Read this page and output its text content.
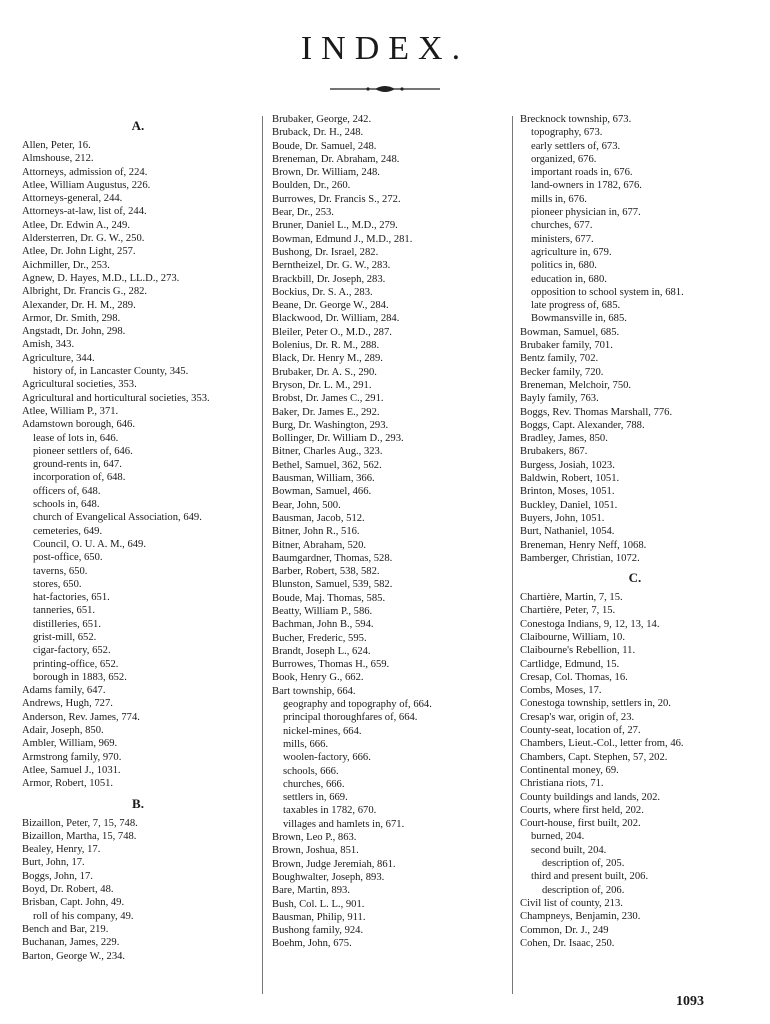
INDEX.
A.
Allen, Peter, 16.
Almshouse, 212.
Attorneys, admission of, 224.
Atlee, William Augustus, 226.
Attorneys-general, 244.
Attorneys-at-law, list of, 244.
Atlee, Dr. Edwin A., 249.
Aldersterren, Dr. G. W., 250.
Atlee, Dr. John Light, 257.
Aichmiller, Dr., 253.
Agnew, D. Hayes, M.D., LL.D., 273.
Albright, Dr. Francis G., 282.
Alexander, Dr. H. M., 289.
Armor, Dr. Smith, 298.
Angstadt, Dr. John, 298.
Amish, 343.
Agriculture, 344.
history of, in Lancaster County, 345.
Agricultural societies, 353.
Agricultural and horticultural societies, 353.
Atlee, William P., 371.
Adamstown borough, 646.
lease of lots in, 646.
pioneer settlers of, 646.
ground-rents in, 647.
incorporation of, 648.
officers of, 648.
schools in, 648.
church of Evangelical Association, 649.
cemeteries, 649.
Council, O. U. A. M., 649.
post-office, 650.
taverns, 650.
stores, 650.
hat-factories, 651.
tanneries, 651.
distilleries, 651.
grist-mill, 652.
cigar-factory, 652.
printing-office, 652.
borough in 1883, 652.
Adams family, 647.
Andrews, Hugh, 727.
Anderson, Rev. James, 774.
Adair, Joseph, 850.
Ambler, William, 969.
Armstrong family, 970.
Atlee, Samuel J., 1031.
Armor, Robert, 1051.
B.
Bizaillon, Peter, 7, 15, 748.
Bizaillon, Martha, 15, 748.
Bealey, Henry, 17.
Burt, John, 17.
Boggs, John, 17.
Boyd, Dr. Robert, 48.
Brisban, Capt. John, 49.
roll of his company, 49.
Bench and Bar, 219.
Buchanan, James, 229.
Barton, George W., 234.
Brubaker, George, 242.
Bruback, Dr. H., 248.
Boude, Dr. Samuel, 248.
Breneman, Dr. Abraham, 248.
Brown, Dr. William, 248.
Boulden, Dr., 260.
Burrowes, Dr. Francis S., 272.
Bear, Dr., 253.
Bruner, Daniel L., M.D., 279.
Bowman, Edmund J., M.D., 281.
Bushong, Dr. Israel, 282.
Berntheizel, Dr. G. W., 283.
Brackbill, Dr. Joseph, 283.
Bockius, Dr. S. A., 283.
Beane, Dr. George W., 284.
Blackwood, Dr. William, 284.
Bleiler, Peter O., M.D., 287.
Bolenius, Dr. R. M., 288.
Black, Dr. Henry M., 289.
Brubaker, Dr. A. S., 290.
Bryson, Dr. L. M., 291.
Brobst, Dr. James C., 291.
Baker, Dr. James E., 292.
Burg, Dr. Washington, 293.
Bollinger, Dr. William D., 293.
Bitner, Charles Aug., 323.
Bethel, Samuel, 362, 562.
Bausman, William, 366.
Bowman, Samuel, 466.
Bear, John, 500.
Bausman, Jacob, 512.
Bitner, John R., 516.
Bitner, Abraham, 520.
Baumgardner, Thomas, 528.
Barber, Robert, 538, 582.
Blunston, Samuel, 539, 582.
Boude, Maj. Thomas, 585.
Beatty, William P., 586.
Bachman, John B., 594.
Bucher, Frederic, 595.
Brandt, Joseph L., 624.
Burrowes, Thomas H., 659.
Book, Henry G., 662.
Bart township, 664.
geography and topography of, 664.
principal thoroughfares of, 664.
nickel-mines, 664.
mills, 666.
woolen-factory, 666.
schools, 666.
churches, 666.
settlers in, 669.
taxables in 1782, 670.
villages and hamlets in, 671.
Brown, Leo P., 863.
Brown, Joshua, 851.
Brown, Judge Jeremiah, 861.
Boughwalter, Joseph, 893.
Bare, Martin, 893.
Bush, Col. L. L., 901.
Bausman, Philip, 911.
Bushong family, 924.
Boehm, John, 675.
Brecknock township, 673.
topography, 673.
early settlers of, 673.
organized, 676.
important roads in, 676.
land-owners in 1782, 676.
mills in, 676.
pioneer physician in, 677.
churches, 677.
ministers, 677.
agriculture in, 679.
politics in, 680.
education in, 680.
opposition to school system in, 681.
late progress of, 685.
Bowmansville in, 685.
Bowman, Samuel, 685.
Brubaker family, 701.
Bentz family, 702.
Becker family, 720.
Breneman, Melchoir, 750.
Bayly family, 763.
Boggs, Rev. Thomas Marshall, 776.
Boggs, Capt. Alexander, 788.
Bradley, James, 850.
Brubakers, 867.
Burgess, Josiah, 1023.
Baldwin, Robert, 1051.
Brinton, Moses, 1051.
Buckley, Daniel, 1051.
Buyers, John, 1051.
Burt, Nathaniel, 1054.
Breneman, Henry Neff, 1068.
Bamberger, Christian, 1072.
C.
Chartière, Martin, 7, 15.
Chartière, Peter, 7, 15.
Conestoga Indians, 9, 12, 13, 14.
Claibourne, William, 10.
Claibourne's Rebellion, 11.
Cartlidge, Edmund, 15.
Cresap, Col. Thomas, 16.
Combs, Moses, 17.
Conestoga township, settlers in, 20.
Cresap's war, origin of, 23.
County-seat, location of, 27.
Chambers, Lieut.-Col., letter from, 46.
Chambers, Capt. Stephen, 57, 202.
Continental money, 69.
Christiana riots, 71.
County buildings and lands, 202.
Courts, where first held, 202.
Court-house, first built, 202.
burned, 204.
second built, 204.
description of, 205.
third and present built, 206.
description of, 206.
Civil list of county, 213.
Champneys, Benjamin, 230.
Common, Dr. J., 249
Cohen, Dr. Isaac, 250.
1093
